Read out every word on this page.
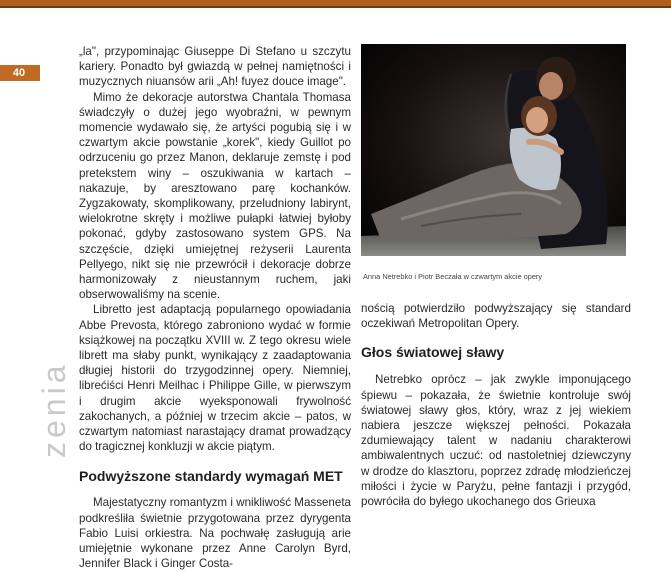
40
zenia

„la", przypominając Giuseppe Di Stefano u szczytu kariery. Ponadto był gwiazdą w pełnej namiętności i muzycznych niuansów arii „Ah! fuyez douce image".

Mimo że dekoracje autorstwa Chantala Thomasa świadczyły o dużej jego wyobraźni, w pewnym momencie wydawało się, że artyści pogubią się i w czwartym akcie powstanie „korek", kiedy Guillot po odrzuceniu go przez Manon, deklaruje zemstę i pod pretekstem winy – oszukiwania w kartach – nakazuje, by aresztowano parę kochanków. Zygzakowaty, skomplikowany, przeludniony labirynt, wielokrotne skręty i możliwe pułapki łatwiej byłoby pokonać, gdyby zastosowano system GPS. Na szczęście, dzięki umiejętnej reżyserii Laurenta Pellyego, nikt się nie przewrócił i dekoracje dobrze harmonizowały z nieustannym ruchem, jaki obserwowaliśmy na scenie.

Libretto jest adaptacją popularnego opowiadania Abbe Prevosta, którego zabroniono wydać w formie książkowej na początku XVIII w. Z tego okresu wiele librett ma słaby punkt, wynikający z zaadaptowania długiej historii do trzygodzinnej opery. Niemniej, librećiści Henri Meilhac i Philippe Gille, w pierwszym i drugim akcie wyeksponowali frywolność zakochanych, a później w trzecim akcie – patos, w czwartym natomiast narastający dramat prowadzący do tragicznej konkluzji w akcie piątym.

Podwyższone standardy wymagań MET

Majestatyczny romantyzm i wnikliwość Masseneta podkreśliła świetnie przygotowana przez dyrygenta Fabio Luisi orkiestra. Na pochwałę zasługują arie umiejętnie wykonane przez Anne Carolyn Byrd, Jennifer Black i Ginger Costa-

Anna Netrebko i Piotr Beczała w czwartym akcie opery

nością potwierdziło podwyższający się standard oczekiwań Metropolitan Opery.

Głos światowej sławy

Netrebko oprócz – jak zwykle imponującego śpiewu – pokazała, że świetnie kontroluje swój światowej sławy głos, który, wraz z jej wiekiem nabiera jeszcze większej pełności. Pokazała zdumiewający talent w nadaniu charakterowi ambiwalentnych uczuć: od nastoletniej dziewczyny w drodze do klasztoru, poprzez zdradę młodzieńczej miłości i życie w Paryżu, pełne fantazji i przygód, powróciła do byłego ukochanego dos Grieuxa
